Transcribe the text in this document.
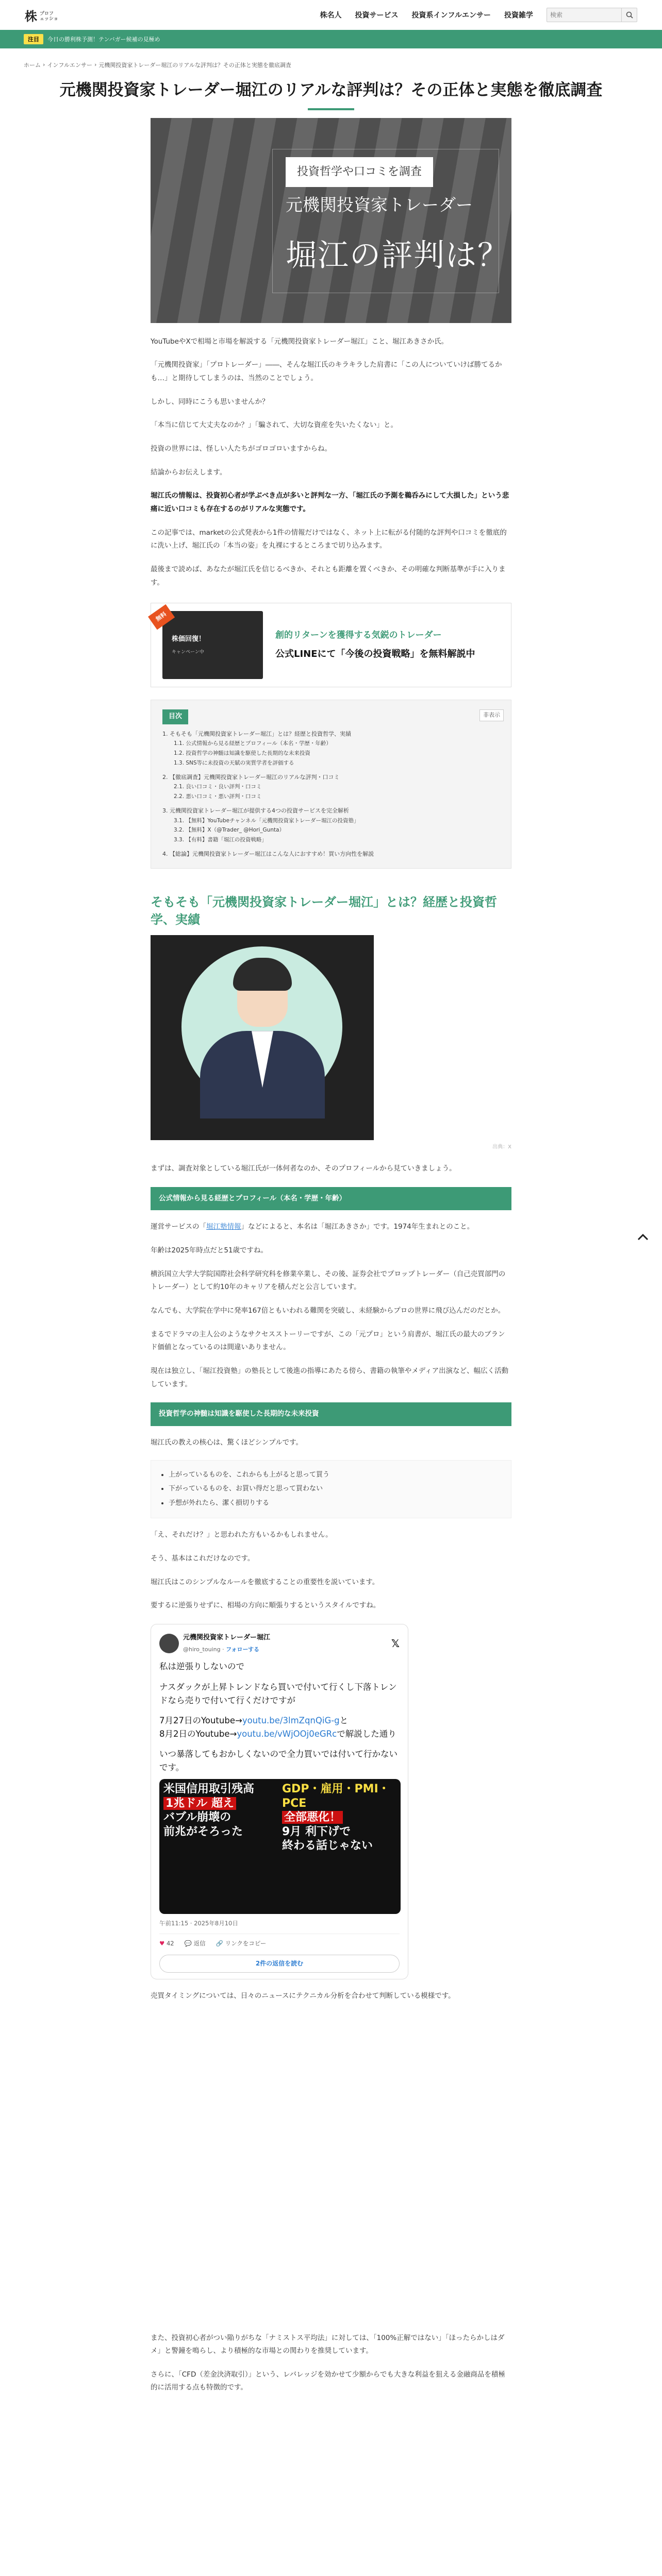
株 プロフ
ェッショ	株名人 投資サービス 投資系インフルエンサー 投資雑学
検索
注目	今日の勝利株予測！テンバガー候補の見極め
ホーム › インフルエンサー › 元機関投資家トレーダー堀江のリアルな評判は？その正体と実態を徹底調査
元機関投資家トレーダー堀江のリアルな評判は？その正体と実態を徹底調査
投資哲学や口コミを調査
元機関投資家トレーダー
堀江の評判は？

YouTubeやXで相場と市場を解説する「元機関投資家トレーダー堀江」こと、堀江あきさか氏。

「元機関投資家」「プロトレーダー」――、そんな堀江氏のキラキラした肩書に「この人についていけば勝てるかも…」と期待してしまうのは、当然のことでしょう。

しかし、同時にこうも思いませんか？

「本当に信じて大丈夫なのか？」「騙されて、大切な資産を失いたくない」と。

投資の世界には、怪しい人たちがゴロゴロいますからね。

結論からお伝えします。

堀江氏の情報は、投資初心者が学ぶべき点が多いと評判な一方、「堀江氏の予測を鵜呑みにして大損した」という悲痛に近い口コミも存在するのがリアルな実態です。

この記事では、marketの公式発表から1件の情報だけではなく、ネット上に転がる付随的な評判や口コミを徹底的に洗い上げ、堀江氏の「本当の姿」を丸裸にするところまで切り込みます。

最後まで読めば、あなたが堀江氏を信じるべきか、それとも距離を置くべきか、その明確な判断基準が手に入ります。

無料
株価回復！
キャンペーン中
創的リターンを獲得する気鋭のトレーダー
公式LINEにて「今後の投資戦略」を無料解説中
目次	非表示
1. そもそも「元機関投資家トレーダー堀江」とは？経歴と投資哲学、実績
1.1. 公式情報から見る経歴とプロフィール（本名・学歴・年齢）
1.2. 投資哲学の神髄は知識を駆使した長期的な未来投資
1.3. SNS等に未投資の天賦の実質学者を評価する
2. 【徹底調査】元機関投資家トレーダー堀江のリアルな評判・口コミ
2.1. 良い口コミ・良い評判・口コミ
2.2. 悪い口コミ・悪い評判・口コミ
3. 元機関投資家トレーダー堀江が提供する4つの投資サービスを完全解析
3.1. 【無料】YouTubeチャンネル「元機関投資家トレーダー堀江の投資塾」
3.2. 【無料】X（@Trader_ @Hori_Gunta）
3.3. 【有料】書籍「堀江の投資戦略」
4. 【総論】元機関投資家トレーダー堀江はこんな人におすすめ！買い方向性を解説
そもそも「元機関投資家トレーダー堀江」とは？経歴と投資哲学、実績
出典：X

まずは、調査対象としている堀江氏が一体何者なのか、そのプロフィールから見ていきましょう。

公式情報から見る経歴とプロフィール（本名・学歴・年齢）

運営サービスの「堀江塾情報」などによると、本名は「堀江あきさか」です。1974年生まれとのこと。

年齢は2025年時点だと51歳ですね。

横浜国立大学大学院国際社会科学研究科を修業卒業し、その後、証券会社でプロップトレーダー（自己売買部門のトレーダー）として約10年のキャリアを積んだと公言しています。

なんでも、大学院在学中に発率167倍ともいわれる難関を突破し、未経験からプロの世界に飛び込んだのだとか。

まるでドラマの主人公のようなサクセスストーリーですが、この「元プロ」という肩書が、堀江氏の最大のブランド価値となっているのは間違いありません。

現在は独立し、「堀江投資塾」の塾長として後進の指導にあたる傍ら、書籍の執筆やメディア出演など、幅広く活動しています。

投資哲学の神髄は知識を駆使した長期的な未来投資

堀江氏の教えの核心は、驚くほどシンプルです。

• 上がっているものを、これからも上がると思って買う
• 下がっているものを、お買い得だと思って買わない
• 予想が外れたら、潔く損切りする

「え、それだけ？」と思われた方もいるかもしれません。

そう、基本はこれだけなのです。

堀江氏はこのシンプルなルールを徹底することの重要性を説いています。

要するに逆張りせずに、相場の方向に順張りするというスタイルですね。

元機関投資家トレーダー堀江
@hiro_touing · フォローする	𝕏
私は逆張りしないので
ナスダックが上昇トレンドなら買いで付いて行くし下落トレンドなら売りで付いて行くだけですが
7月27日のYoutube→youtu.be/3lmZqnQiG-gと
8月2日のYoutube→youtu.be/vWjOOj0eGRcで解説した通り
いつ暴落してもおかしくないので全力買いでは付いて行かないです。
米国信用取引残高
1兆ドル 超え
バブル崩壊の
前兆がそろった
GDP・雇用・PMI・PCE
全部悪化！
9月 利下げで
終わる話じゃない
午前11:15 · 2025年8月10日
♥ 42 💬 返信 🔗 リンクをコピー
2件の返信を読む

売買タイミングについては、日々のニュースにテクニカル分析を合わせて判断している模様です。

また、投資初心者がつい陥りがちな「ナミストス平均法」に対しては、「100%正解ではない」「ほったらかしはダメ」と警鐘を鳴らし、より積極的な市場との関わりを推奨しています。

さらに、「CFD（差金決済取引）」という、レバレッジを効かせて少額からでも大きな利益を狙える金融商品を積極的に活用する点も特徴的です。
